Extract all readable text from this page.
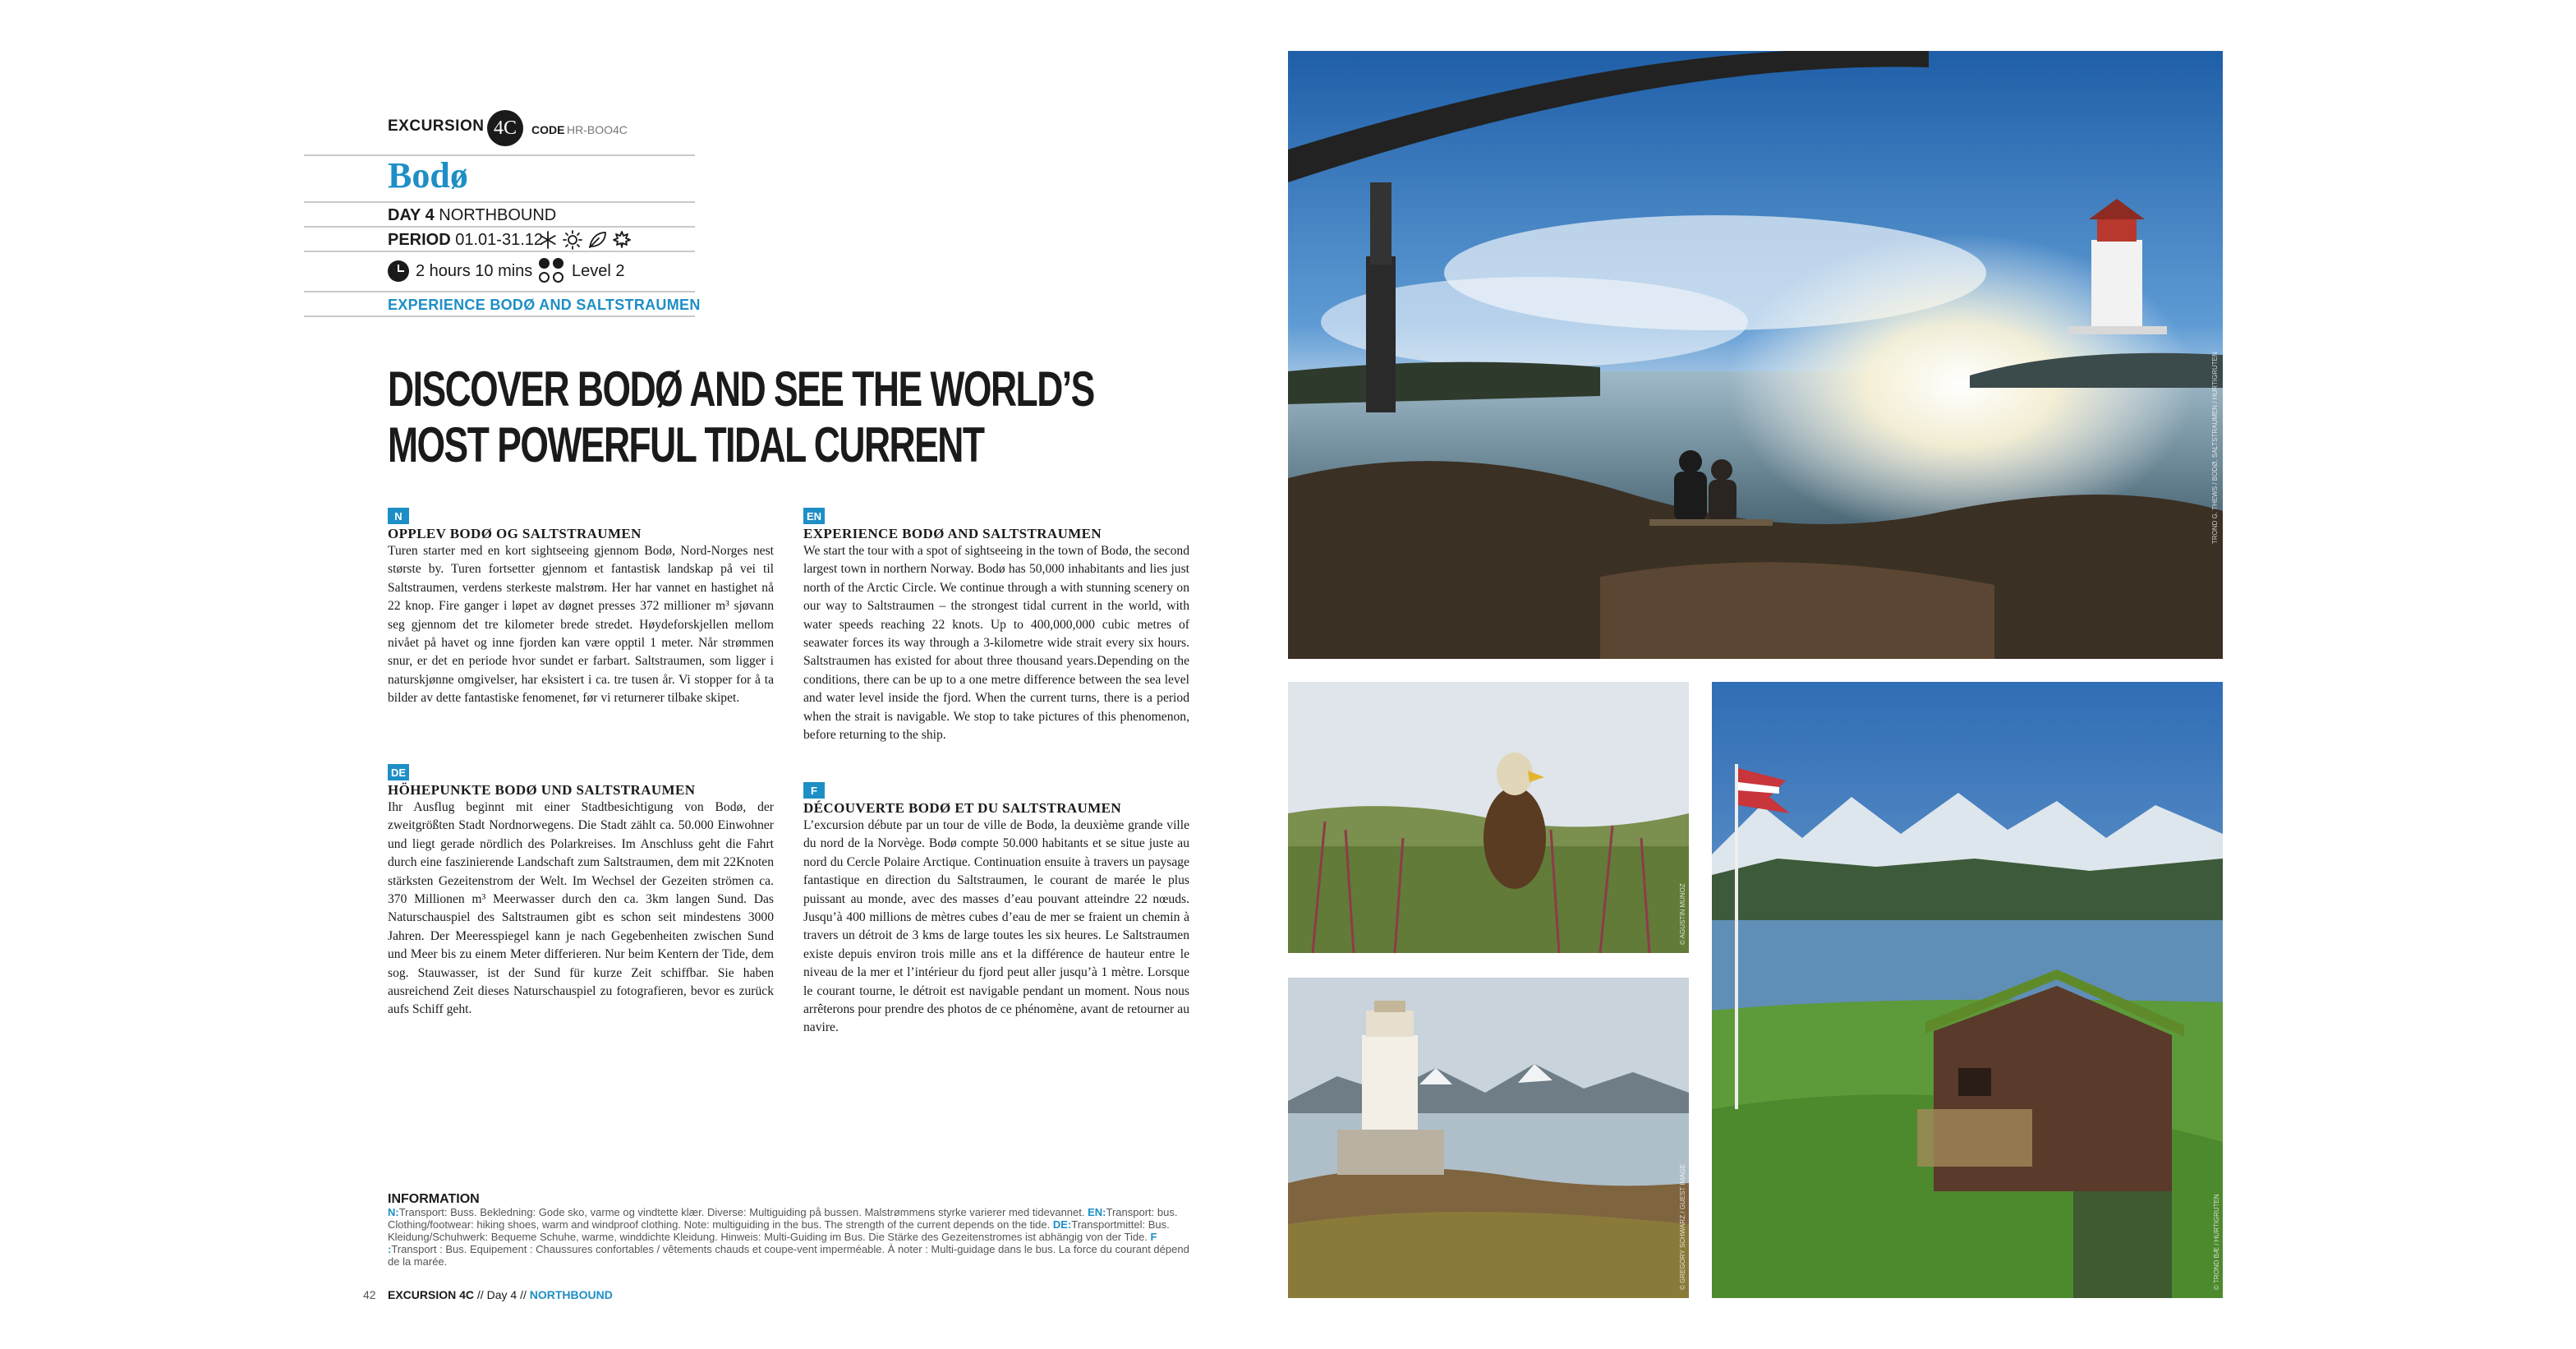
EXCURSION 4C	CODE HR-BOO4C
Bodø
DAY 4 NORTHBOUND
PERIOD 01.01-31.12
2 hours 10 mins Level 2
EXPERIENCE BODØ AND SALTSTRAUMEN
DISCOVER BODØ AND SEE THE WORLD’S
MOST POWERFUL TIDAL CURRENT
N
OPPLEV BODØ OG SALTSTRAUMEN
Turen starter med en kort sightseeing gjennom Bodø, Nord-Norges nest største by. Turen fortsetter gjennom et fantastisk landskap på vei til Saltstraumen, verdens sterkeste malstrøm. Her har vannet en hastighet nå 22 knop. Fire ganger i løpet av døgnet presses 372 millioner m³ sjøvann seg gjennom det tre kilometer brede stredet. Høydeforskjellen mellom nivået på havet og inne fjorden kan være opptil 1 meter. Når strømmen snur, er det en periode hvor sundet er farbart. Saltstraumen, som ligger i naturskjønne omgivelser, har eksistert i ca. tre tusen år. Vi stopper for å ta bilder av dette fantastiske fenomenet, før vi returnerer tilbake skipet.
DE
HÖHEPUNKTE BODØ UND SALTSTRAUMEN
Ihr Ausflug beginnt mit einer Stadtbesichtigung von Bodø, der zweitgrößten Stadt Nordnorwegens. Die Stadt zählt ca. 50.000 Einwohner und liegt gerade nördlich des Polarkreises. Im Anschluss geht die Fahrt durch eine faszinierende Landschaft zum Saltstraumen, dem mit 22Knoten stärksten Gezeitenstrom der Welt. Im Wechsel der Gezeiten strömen ca. 370 Millionen m³ Meerwasser durch den ca. 3km langen Sund. Das Naturschauspiel des Saltstraumen gibt es schon seit mindestens 3000 Jahren. Der Meeresspiegel kann je nach Gegebenheiten zwischen Sund und Meer bis zu einem Meter differieren. Nur beim Kentern der Tide, dem sog. Stauwasser, ist der Sund für kurze Zeit schiffbar. Sie haben ausreichend Zeit dieses Naturschauspiel zu fotografieren, bevor es zurück aufs Schiff geht.
EN
EXPERIENCE BODØ AND SALTSTRAUMEN
We start the tour with a spot of sightseeing in the town of Bodø, the second largest town in northern Norway. Bodø has 50,000 inhabitants and lies just north of the Arctic Circle. We continue through a with stunning scenery on our way to Saltstraumen – the strongest tidal current in the world, with water speeds reaching 22 knots. Up to 400,000,000 cubic metres of seawater forces its way through a 3-kilometre wide strait every six hours. Saltstraumen has existed for about three thousand years.Depending on the conditions, there can be up to a one metre difference between the sea level and water level inside the fjord. When the current turns, there is a period when the strait is navigable. We stop to take pictures of this phenomenon, before returning to the ship.
F
DÉCOUVERTE BODØ ET DU SALTSTRAUMEN
L’excursion débute par un tour de ville de Bodø, la deuxième grande ville du nord de la Norvège. Bodø compte 50.000 habitants et se situe juste au nord du Cercle Polaire Arctique. Continuation ensuite à travers un paysage fantastique en direction du Saltstraumen, le courant de marée le plus puissant au monde, avec des masses d’eau pouvant atteindre 22 nœuds. Jusqu’à 400 millions de mètres cubes d’eau de mer se fraient un chemin à travers un détroit de 3 kms de large toutes les six heures. Le Saltstraumen existe depuis environ trois mille ans et la différence de hauteur entre le niveau de la mer et l’intérieur du fjord peut aller jusqu’à 1 mètre. Lorsque le courant tourne, le détroit est navigable pendant un moment. Nous nous arrêterons pour prendre des photos de ce phénomène, avant de retourner au navire.
INFORMATION
N:Transport: Buss. Bekledning: Gode sko, varme og vindtette klær. Diverse: Multiguiding på bussen. Malstrømmens styrke varierer med tidevannet. EN:Transport: bus. Clothing/footwear: hiking shoes, warm and windproof clothing. Note: multiguiding in the bus. The strength of the current depends on the tide. DE:Transportmittel: Bus. Kleidung/Schuhwerk: Bequeme Schuhe, warme, winddichte Kleidung. Hinweis: Multi-Guiding im Bus. Die Stärke des Gezeitenstromes ist abhängig von der Tide. F :Transport : Bus. Equipement : Chaussures confortables / vêtements chauds et coupe-vent imperméable. À noter : Multi-guidage dans le bus. La force du courant dépend de la marée.
42 EXCURSION 4C // Day 4 // NORTHBOUND
TROND G. THEWS / BODØ, SALTSTRAUMEN / HURTIGRUTEN
© AGUSTIN MUNOZ
© GREGORY SCHWARZ / GUEST IMAGE	© TROND BÆ / HURTIGRUTEN
